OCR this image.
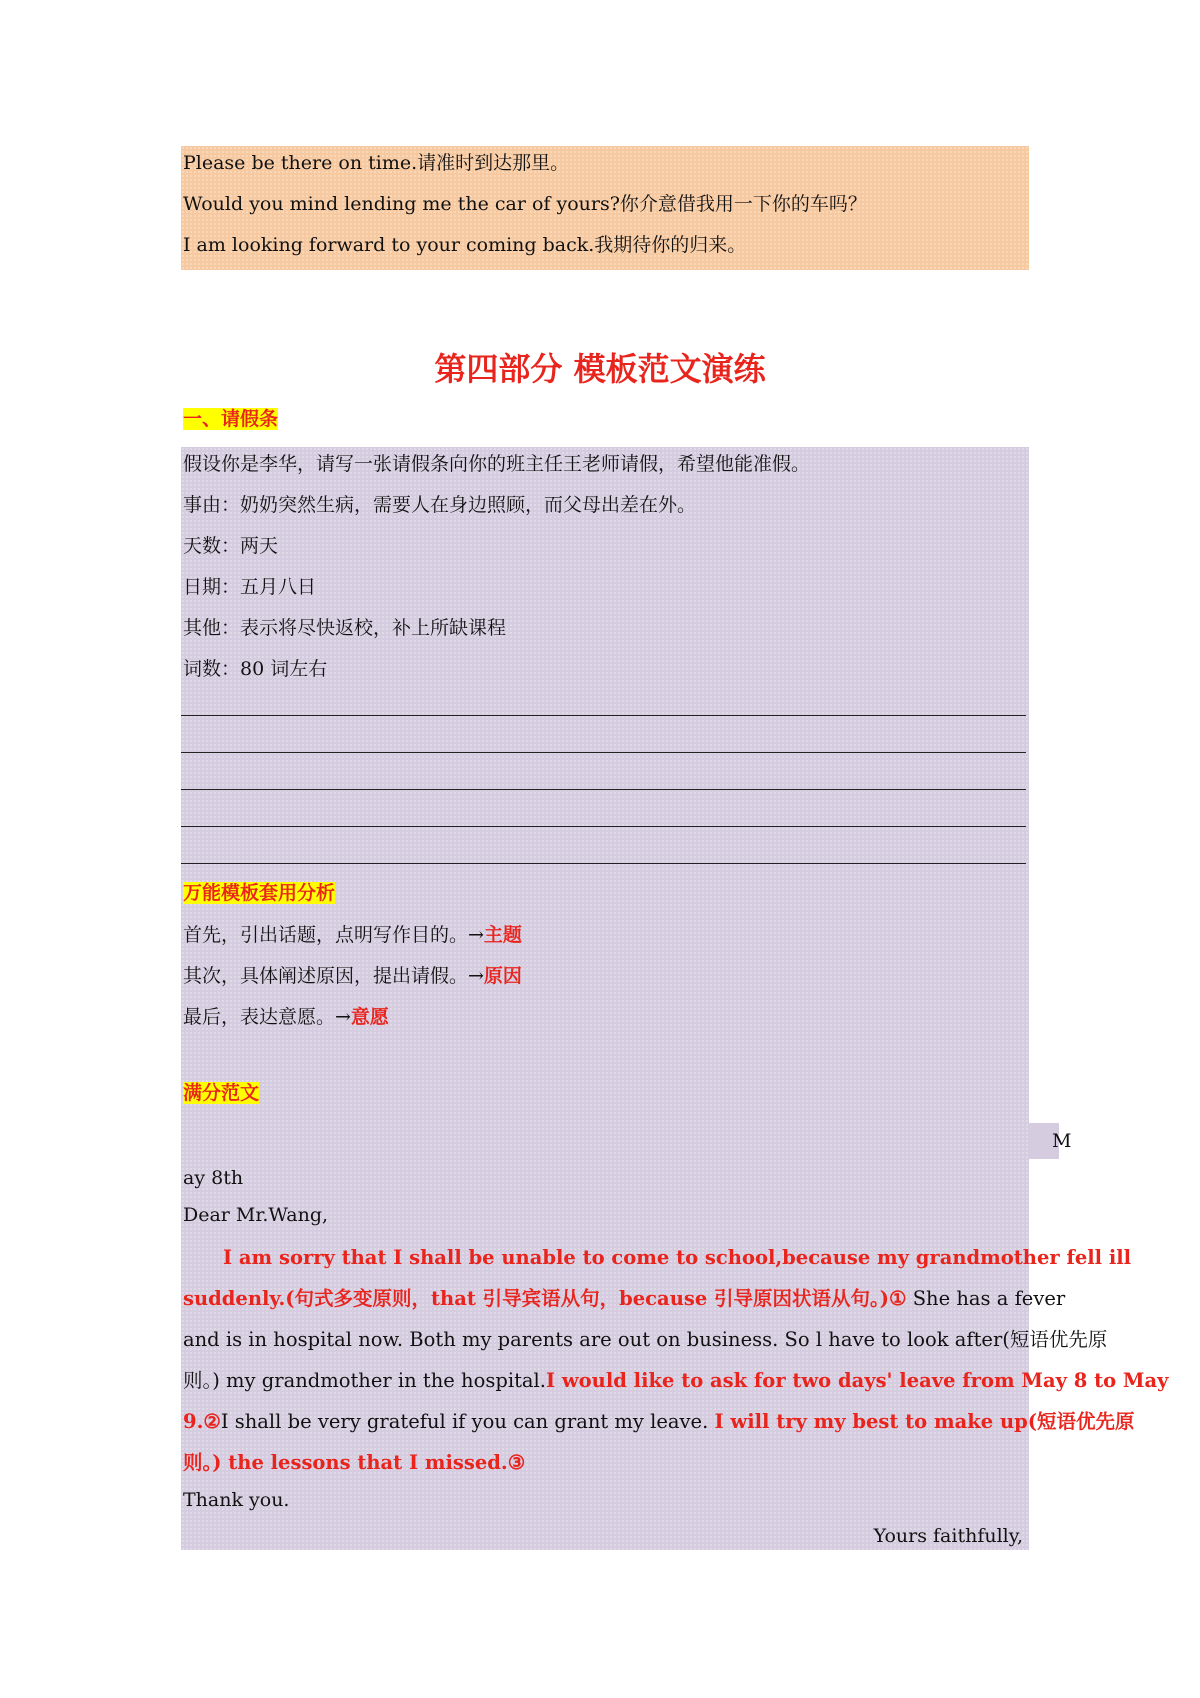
Please be there on time.请准时到达那里。
Would you mind lending me the car of yours?你介意借我用一下你的车吗？
I am looking forward to your coming back.我期待你的归来。
第四部分 模板范文演练
一、请假条
假设你是李华，请写一张请假条向你的班主任王老师请假，希望他能准假。
事由：奶奶突然生病，需要人在身边照顾，而父母出差在外。
天数：两天
日期：五月八日
其他：表示将尽快返校，补上所缺课程
词数：80 词左右
万能模板套用分析
首先，引出话题，点明写作目的。→主题
其次，具体阐述原因，提出请假。→原因
最后，表达意愿。→意愿
满分范文
M
ay 8th
Dear Mr.Wang,
I am sorry that I shall be unable to come to school,because my grandmother fell ill
suddenly.(句式多变原则，that 引导宾语从句，because 引导原因状语从句。)① She has a fever
and is in hospital now. Both my parents are out on business. So l have to look after(短语优先原
则。) my grandmother in the hospital.I would like to ask for two days' leave from May 8 to May
9.②I shall be very grateful if you can grant my leave. I will try my best to make up(短语优先原
则。) the lessons that I missed.③
Thank you.
Yours faithfully,
